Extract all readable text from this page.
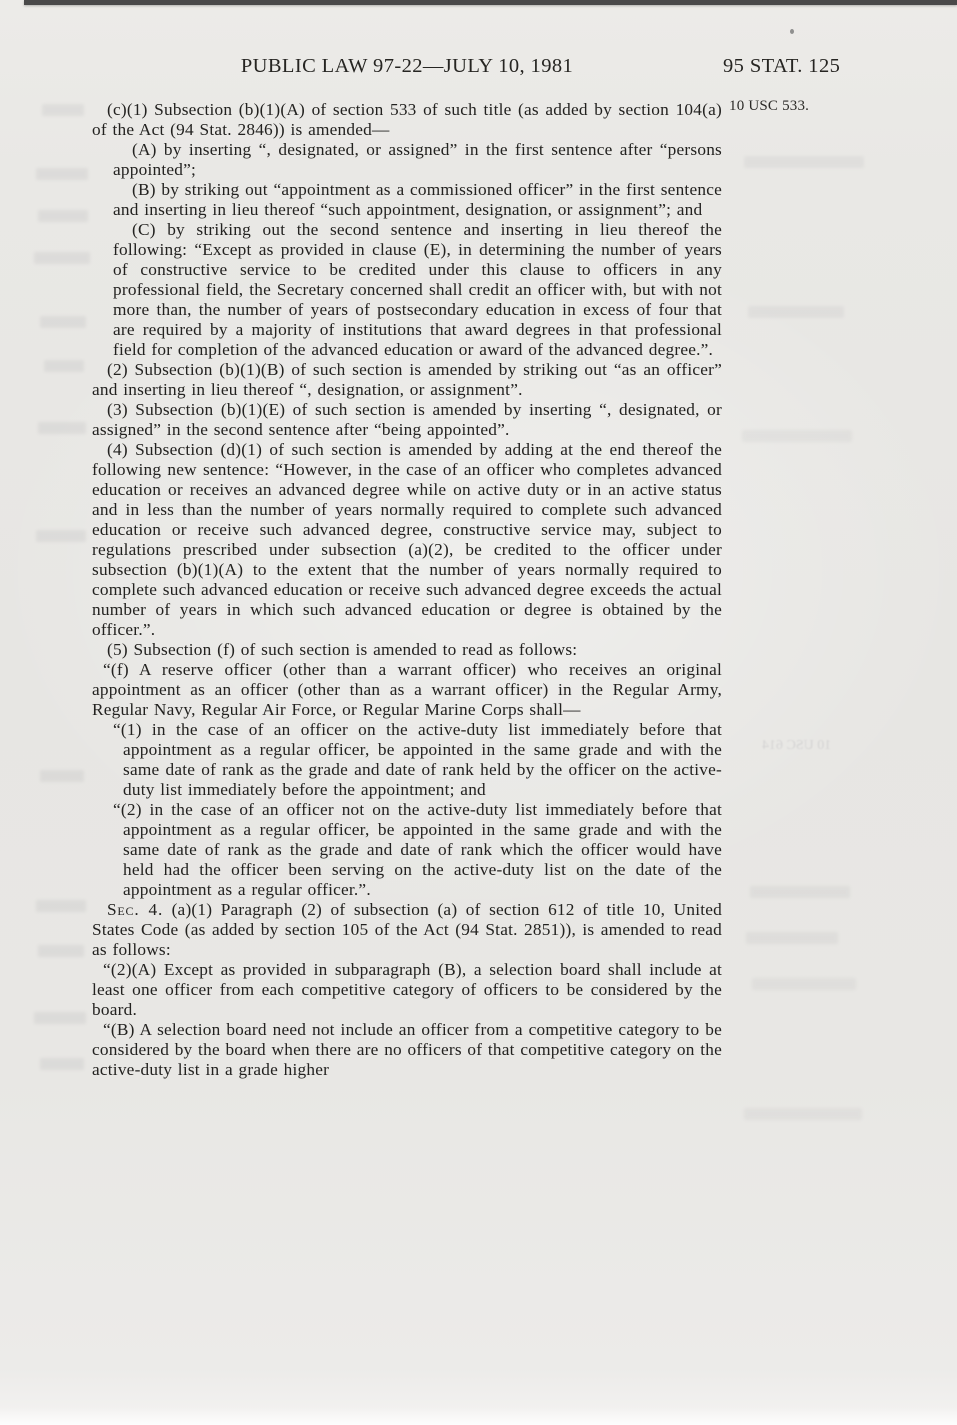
PUBLIC LAW 97-22—JULY 10, 1981	95 STAT. 125
10 USC 533.
(c)(1) Subsection (b)(1)(A) of section 533 of such title (as added by section 104(a) of the Act (94 Stat. 2846)) is amended—
(A) by inserting “, designated, or assigned” in the first sentence after “persons appointed”;
(B) by striking out “appointment as a commissioned officer” in the first sentence and inserting in lieu thereof “such appointment, designation, or assignment”; and
(C) by striking out the second sentence and inserting in lieu thereof the following: “Except as provided in clause (E), in determining the number of years of constructive service to be credited under this clause to officers in any professional field, the Secretary concerned shall credit an officer with, but with not more than, the number of years of postsecondary education in excess of four that are required by a majority of institutions that award degrees in that professional field for completion of the advanced education or award of the advanced degree.”.
(2) Subsection (b)(1)(B) of such section is amended by striking out “as an officer” and inserting in lieu thereof “, designation, or assignment”.
(3) Subsection (b)(1)(E) of such section is amended by inserting “, designated, or assigned” in the second sentence after “being appointed”.
(4) Subsection (d)(1) of such section is amended by adding at the end thereof the following new sentence: “However, in the case of an officer who completes advanced education or receives an advanced degree while on active duty or in an active status and in less than the number of years normally required to complete such advanced education or receive such advanced degree, constructive service may, subject to regulations prescribed under subsection (a)(2), be credited to the officer under subsection (b)(1)(A) to the extent that the number of years normally required to complete such advanced education or receive such advanced degree exceeds the actual number of years in which such advanced education or degree is obtained by the officer.”.
(5) Subsection (f) of such section is amended to read as follows:
“(f) A reserve officer (other than a warrant officer) who receives an original appointment as an officer (other than as a warrant officer) in the Regular Army, Regular Navy, Regular Air Force, or Regular Marine Corps shall—
“(1) in the case of an officer on the active-duty list immediately before that appointment as a regular officer, be appointed in the same grade and with the same date of rank as the grade and date of rank held by the officer on the active-duty list immediately before the appointment; and
“(2) in the case of an officer not on the active-duty list immediately before that appointment as a regular officer, be appointed in the same grade and with the same date of rank as the grade and date of rank which the officer would have held had the officer been serving on the active-duty list on the date of the appointment as a regular officer.”.
Sec. 4. (a)(1) Paragraph (2) of subsection (a) of section 612 of title 10, United States Code (as added by section 105 of the Act (94 Stat. 2851)), is amended to read as follows:
“(2)(A) Except as provided in subparagraph (B), a selection board shall include at least one officer from each competitive category of officers to be considered by the board.
“(B) A selection board need not include an officer from a competitive category to be considered by the board when there are no officers of that competitive category on the active-duty list in a grade higher
10 USC 614
